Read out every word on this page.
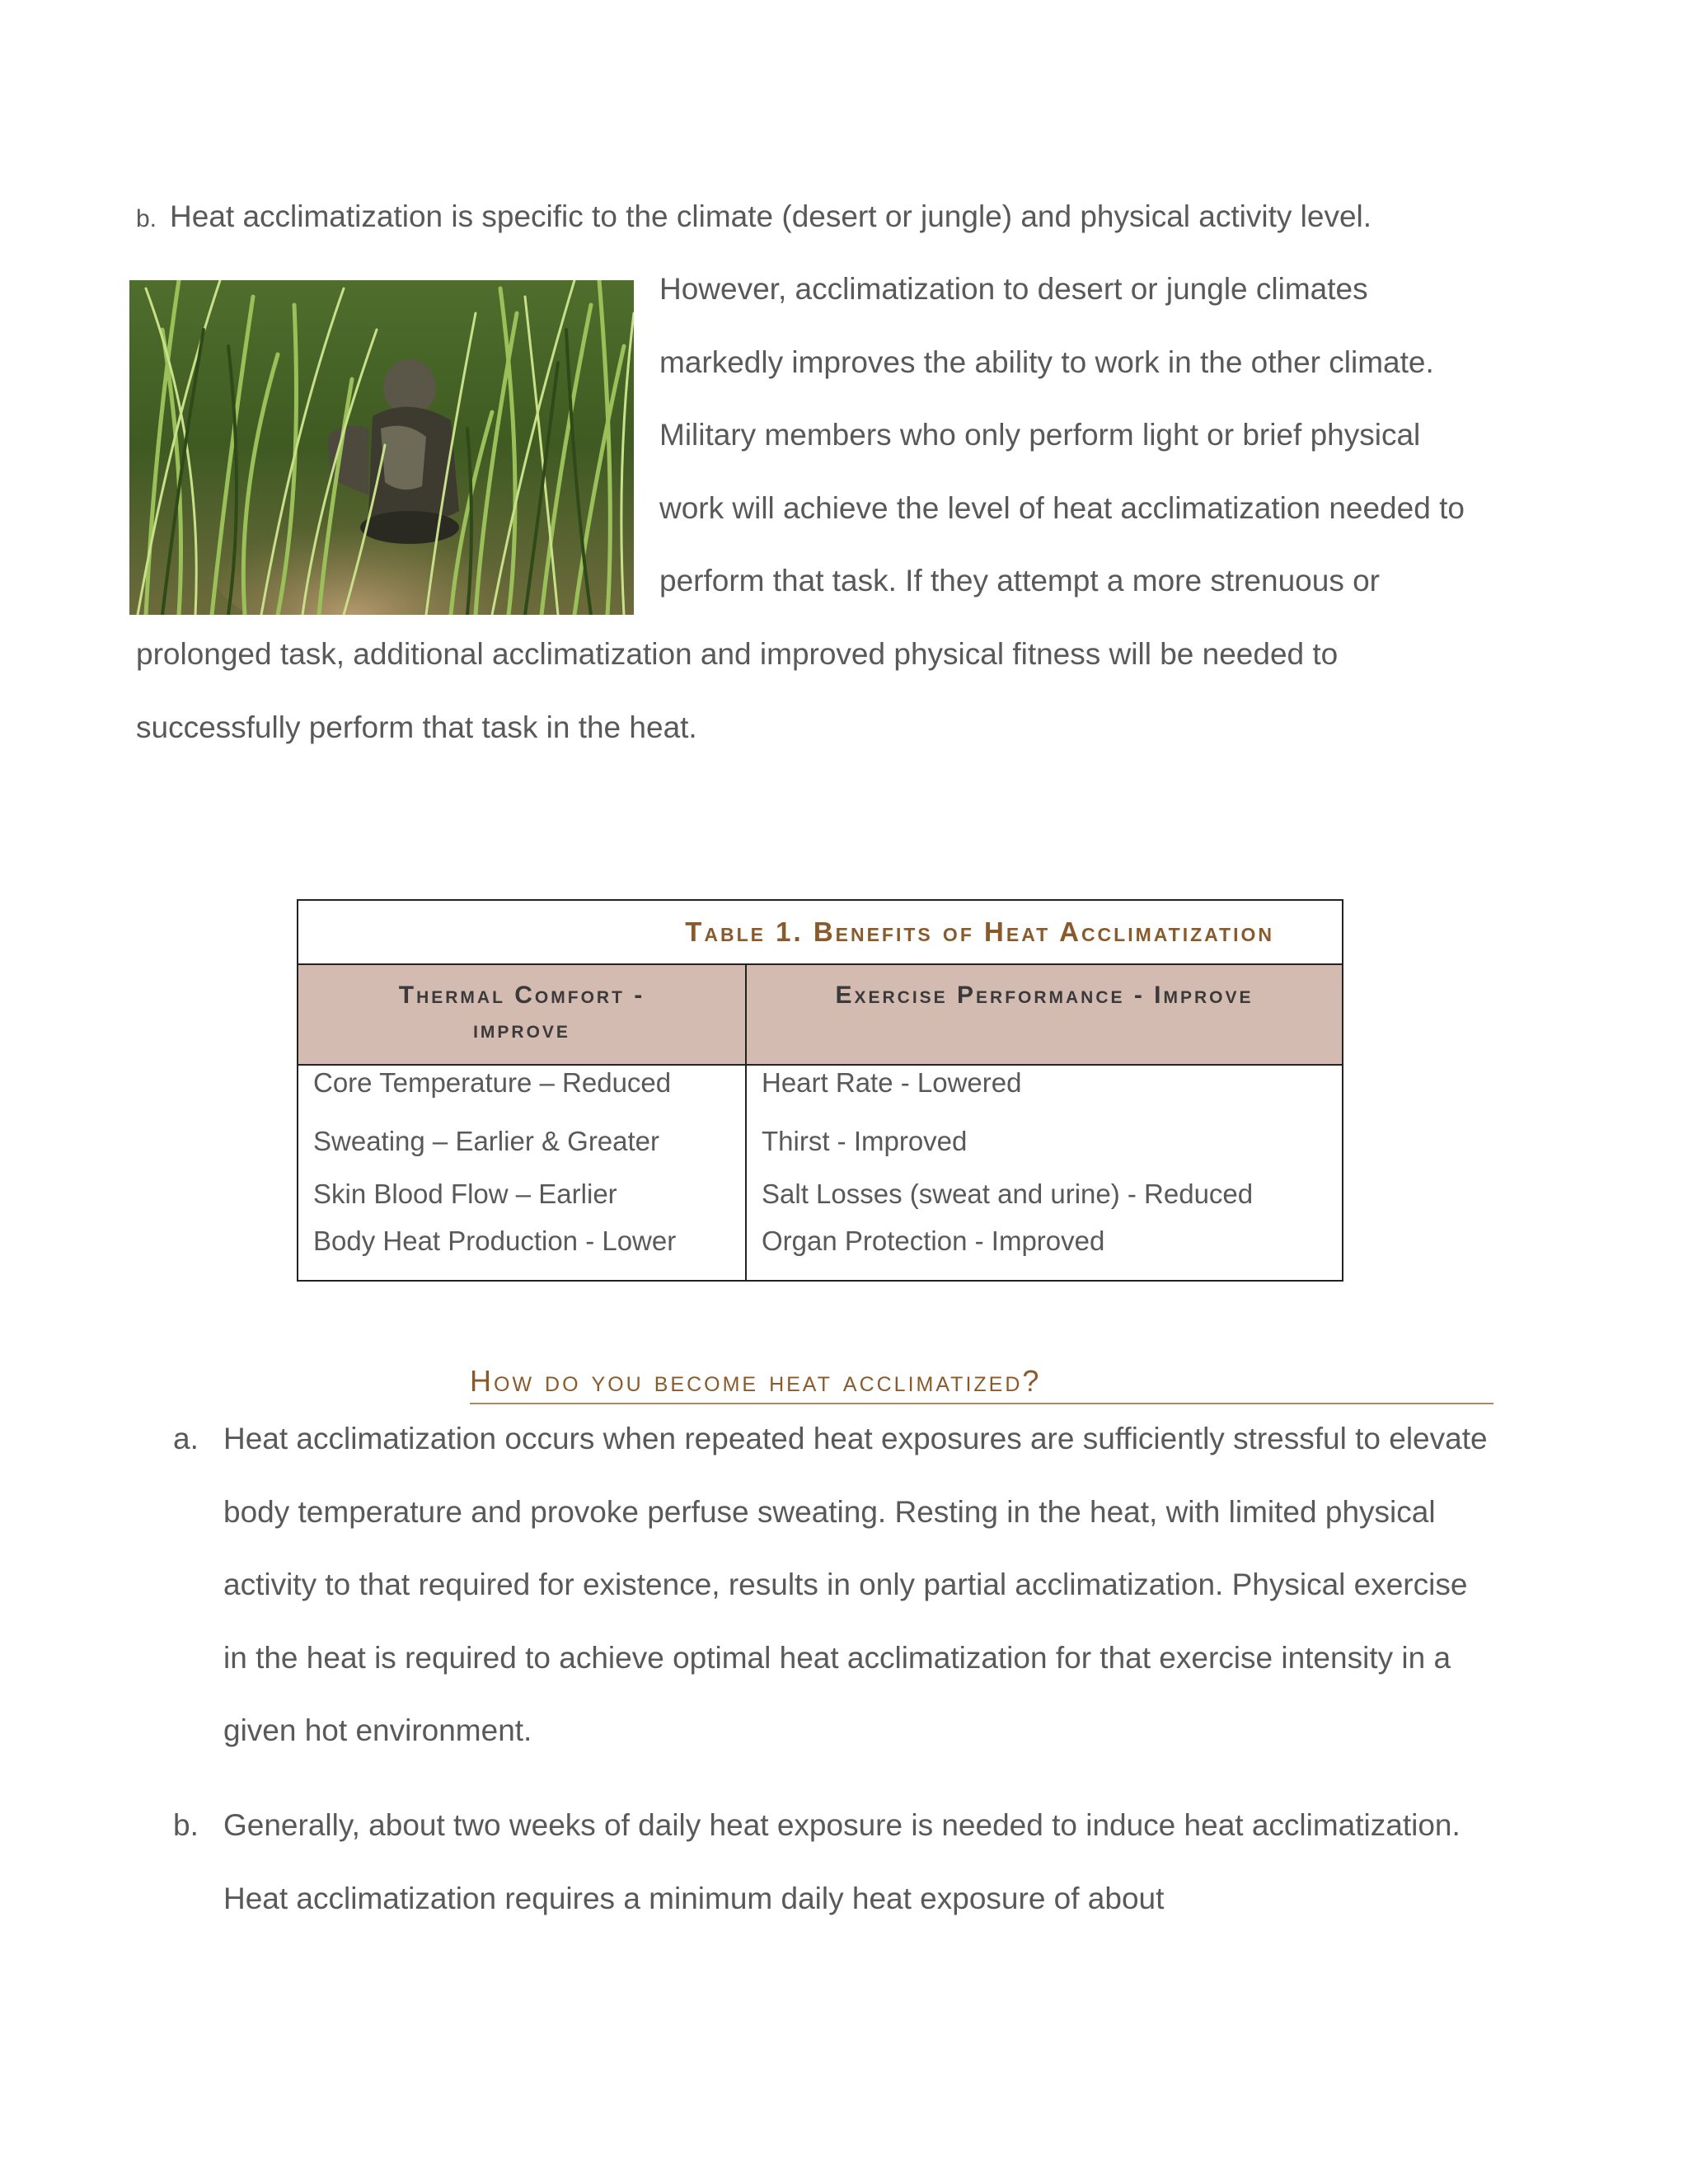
b. Heat acclimatization is specific to the climate (desert or jungle) and physical activity level.

However, acclimatization to desert or jungle climates markedly improves the ability to work in the other climate. Military members who only perform light or brief physical work will achieve the level of heat acclimatization needed to perform that task. If they attempt a more strenuous or

prolonged task, additional acclimatization and improved physical fitness will be needed to successfully perform that task in the heat.

Table 1. Benefits of Heat Acclimatization	

Thermal Comfort - improve	Exercise Performance - Improve
Core Temperature – Reduced	Heart Rate - Lowered
Sweating – Earlier & Greater	Thirst - Improved
Skin Blood Flow – Earlier	Salt Losses (sweat and urine) - Reduced
Body Heat Production - Lower	Organ Protection - Improved
How do you become heat acclimatized?
a. Heat acclimatization occurs when repeated heat exposures are sufficiently stressful to elevate body temperature and provoke perfuse sweating. Resting in the heat, with limited physical activity to that required for existence, results in only partial acclimatization. Physical exercise in the heat is required to achieve optimal heat acclimatization for that exercise intensity in a given hot environment.

b. Generally, about two weeks of daily heat exposure is needed to induce heat acclimatization. Heat acclimatization requires a minimum daily heat exposure of about
